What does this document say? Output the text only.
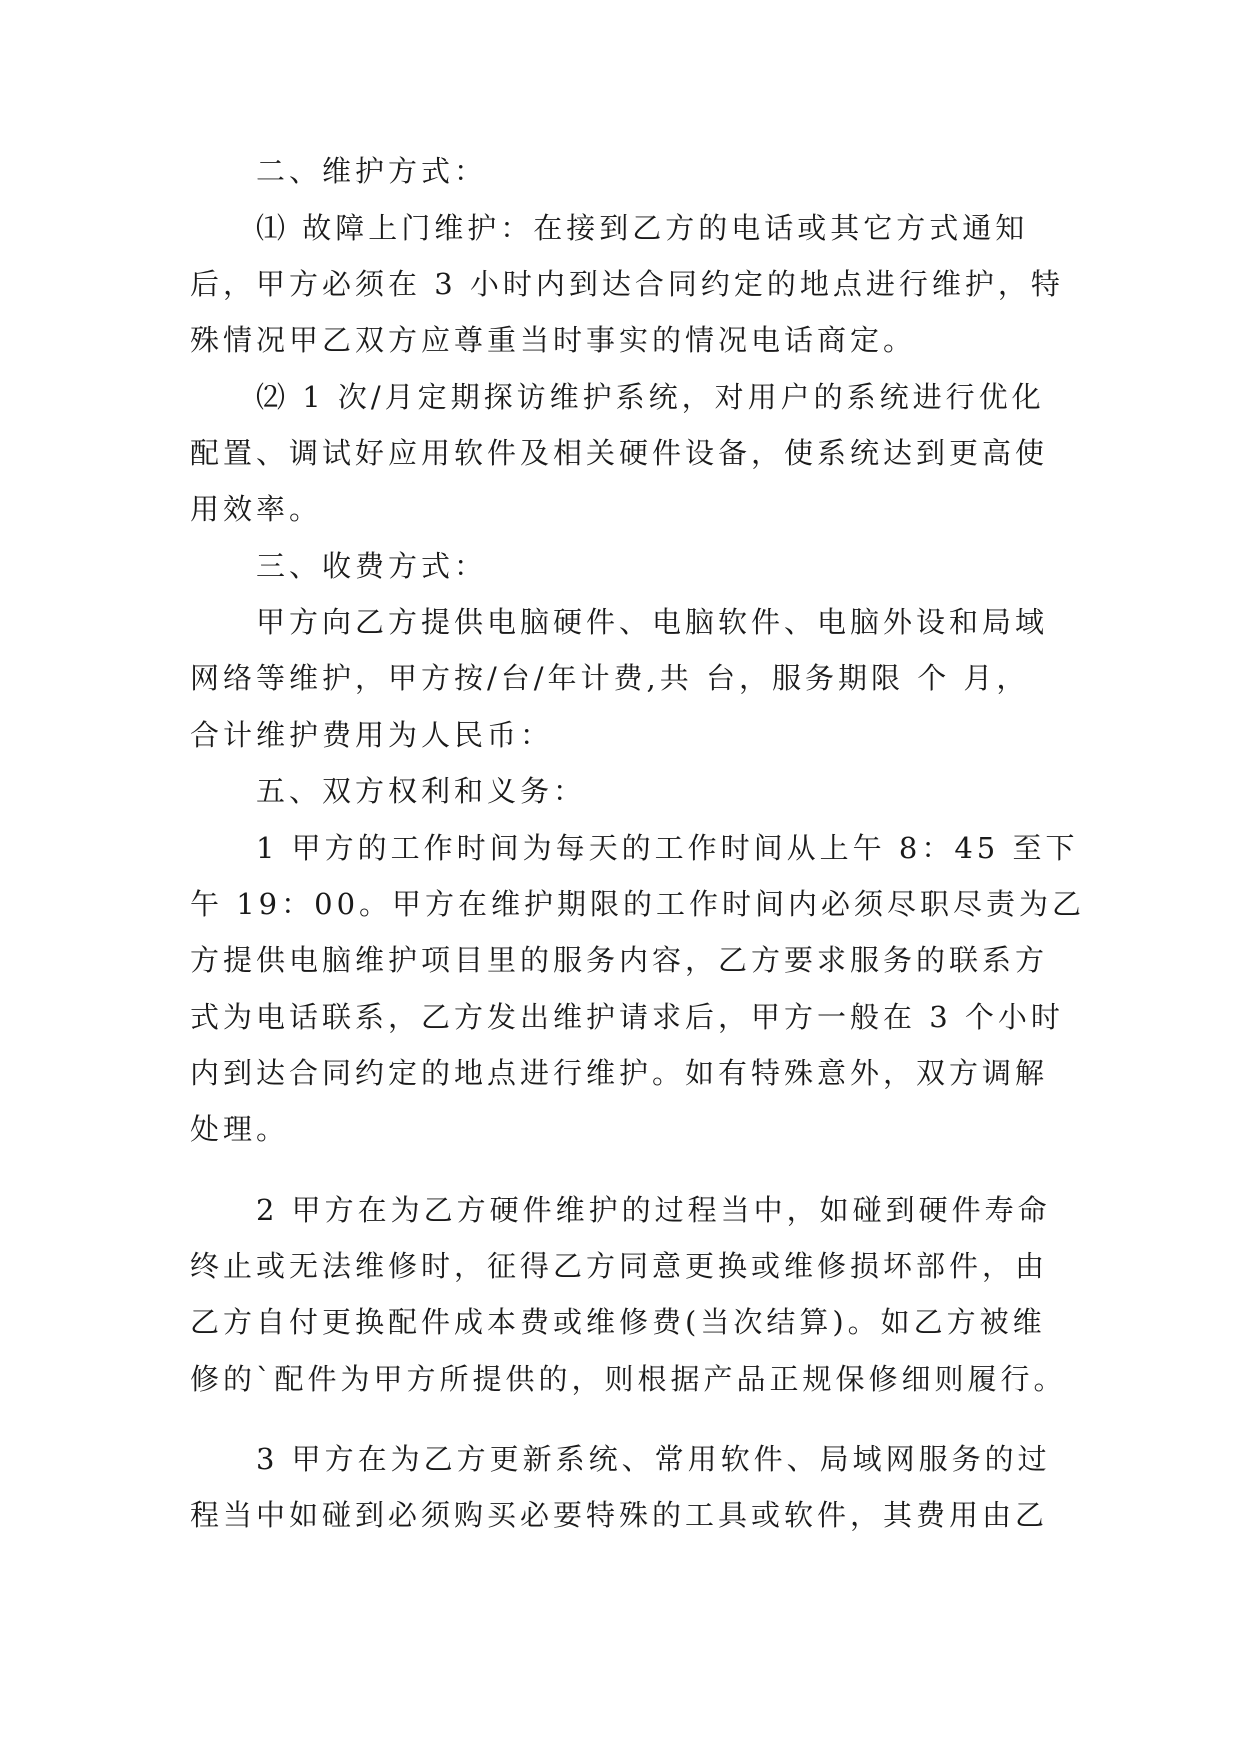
二、维护方式：
⑴ 故障上门维护：在接到乙方的电话或其它方式通知
后，甲方必须在 3 小时内到达合同约定的地点进行维护，特
殊情况甲乙双方应尊重当时事实的情况电话商定。
⑵ 1 次/月定期探访维护系统，对用户的系统进行优化
配置、调试好应用软件及相关硬件设备，使系统达到更高使
用效率。
三、收费方式：
甲方向乙方提供电脑硬件、电脑软件、电脑外设和局域
网络等维护，甲方按/台/年计费,共 台，服务期限 个 月，
合计维护费用为人民币：
五、双方权利和义务：
1 甲方的工作时间为每天的工作时间从上午 8：45 至下
午 19：00。甲方在维护期限的工作时间内必须尽职尽责为乙
方提供电脑维护项目里的服务内容，乙方要求服务的联系方
式为电话联系，乙方发出维护请求后，甲方一般在 3 个小时
内到达合同约定的地点进行维护。如有特殊意外，双方调解
处理。
2 甲方在为乙方硬件维护的过程当中，如碰到硬件寿命
终止或无法维修时，征得乙方同意更换或维修损坏部件，由
乙方自付更换配件成本费或维修费(当次结算)。如乙方被维
修的`配件为甲方所提供的，则根据产品正规保修细则履行。
3 甲方在为乙方更新系统、常用软件、局域网服务的过
程当中如碰到必须购买必要特殊的工具或软件，其费用由乙
